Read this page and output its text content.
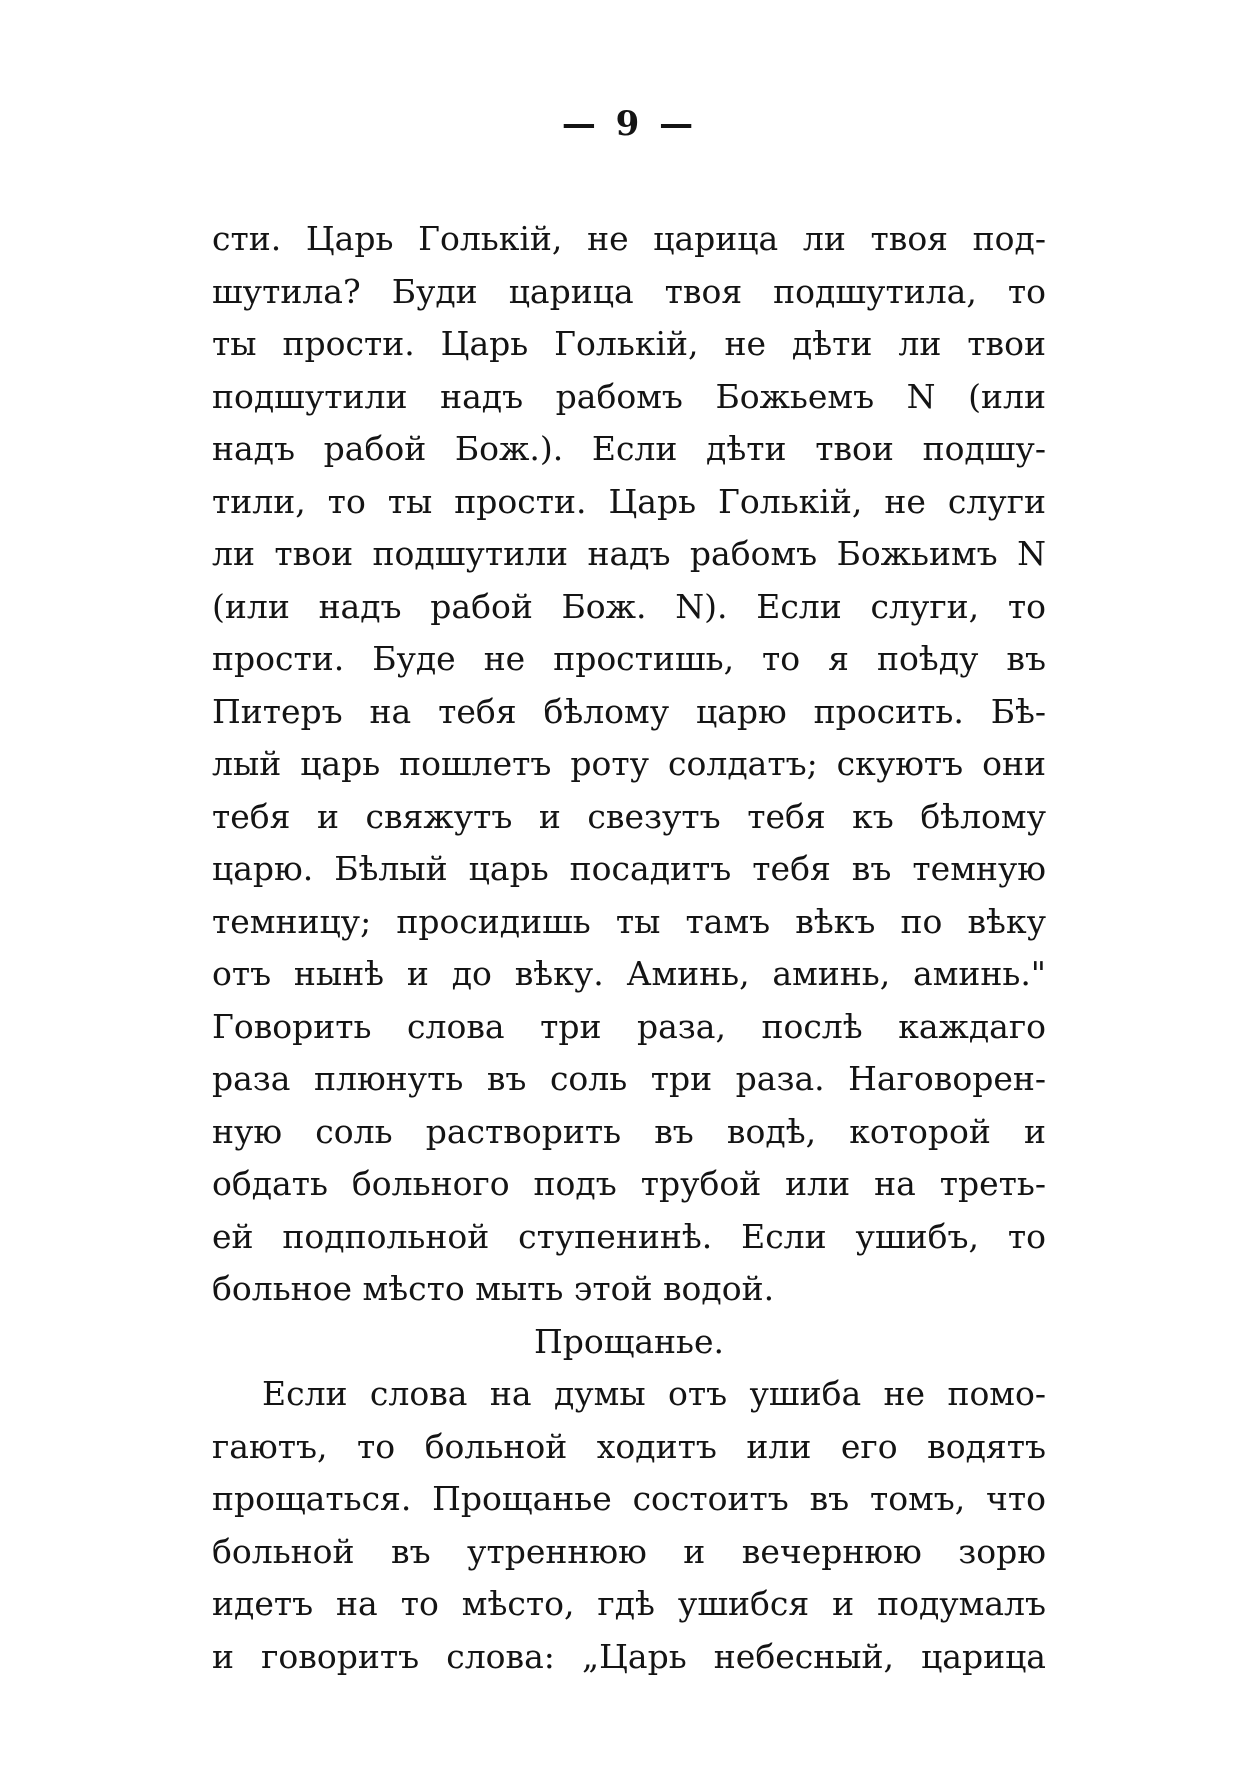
— 9 —
сти. Царь Голькій, не царица ли твоя под-
шутила? Буди царица твоя подшутила, то
ты прости. Царь Голькій, не дѣти ли твои
подшутили надъ рабомъ Божьемъ N (или
надъ рабой Бож.). Если дѣти твои подшу-
тили, то ты прости. Царь Голькій, не слуги
ли твои подшутили надъ рабомъ Божьимъ N
(или надъ рабой Бож. N). Если слуги, то
прости. Буде не простишь, то я поѣду въ
Питеръ на тебя бѣлому царю просить. Бѣ-
лый царь пошлетъ роту солдатъ; скуютъ они
тебя и свяжутъ и свезутъ тебя къ бѣлому
царю. Бѣлый царь посадитъ тебя въ темную
темницу; просидишь ты тамъ вѣкъ по вѣку
отъ нынѣ и до вѣку. Аминь, аминь, аминь."
Говорить слова три раза, послѣ каждаго
раза плюнуть въ соль три раза. Наговорен-
ную соль растворить въ водѣ, которой и
обдать больного подъ трубой или на треть-
ей подпольной ступенинѣ. Если ушибъ, то
больное мѣсто мыть этой водой.
Прощанье.
Если слова на думы отъ ушиба не помо-
гаютъ, то больной ходитъ или его водятъ
прощаться. Прощанье состоитъ въ томъ, что
больной въ утреннюю и вечернюю зорю
идетъ на то мѣсто, гдѣ ушибся и подумалъ
и говоритъ слова: „Царь небесный, царица
